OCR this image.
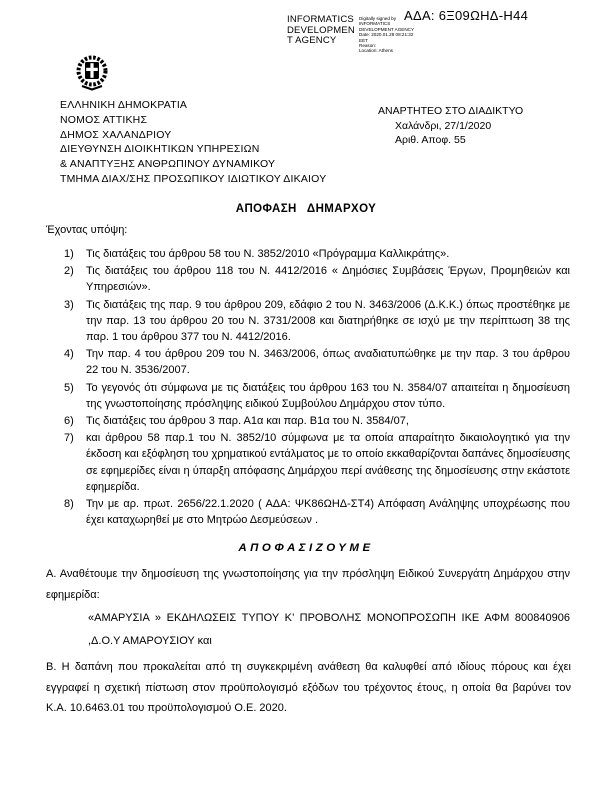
ΑΔΑ: 6Ξ09ΩΗΔ-Η44
INFORMATICS
DEVELOPMEN
T AGENCY
Digitally signed by
INFORMATICS
DEVELOPMENT AGENCY
Date: 2020.01.28 08:21:32
EET
Reason:
Location: Athens
ΕΛΛΗΝΙΚΗ ΔΗΜΟΚΡΑΤΙΑ
ΝΟΜΟΣ ΑΤΤΙΚΗΣ
ΔΗΜΟΣ ΧΑΛΑΝΔΡΙΟΥ
ΔΙΕΥΘΥΝΣΗ ΔΙΟΙΚΗΤΙΚΩΝ ΥΠΗΡΕΣΙΩΝ
& ΑΝΑΠΤΥΞΗΣ ΑΝΘΡΩΠΙΝΟΥ ΔΥΝΑΜΙΚΟΥ
ΤΜΗΜΑ ΔΙΑΧ/ΣΗΣ ΠΡΟΣΩΠΙΚΟΥ ΙΔΙΩΤΙΚΟΥ ΔΙΚΑΙΟΥ
ΑΝΑΡΤΗΤΕΟ ΣΤΟ ΔΙΑΔΙΚΤΥΟ
Χαλάνδρι, 27/1/2020
Αριθ. Αποφ. 55
ΑΠΟΦΑΣΗ ΔΗΜΑΡΧΟΥ
Έχοντας υπόψη:
1) Τις διατάξεις του άρθρου 58 του Ν. 3852/2010 «Πρόγραμμα Καλλικράτης».
2) Τις διατάξεις του άρθρου 118 του Ν. 4412/2016 « Δημόσιες Συμβάσεις Έργων, Προμηθειών και Υπηρεσιών».
3) Τις διατάξεις της παρ. 9 του άρθρου 209, εδάφιο 2 του Ν. 3463/2006 (Δ.Κ.Κ.) όπως προστέθηκε με την παρ. 13 του άρθρου 20 του Ν. 3731/2008 και διατηρήθηκε σε ισχύ με την περίπτωση 38 της παρ. 1 του άρθρου 377 του Ν. 4412/2016.
4) Την παρ. 4 του άρθρου 209 του Ν. 3463/2006, όπως αναδιατυπώθηκε με την παρ. 3 του άρθρου 22 του Ν. 3536/2007.
5) Το γεγονός ότι σύμφωνα με τις διατάξεις του άρθρου 163 του Ν. 3584/07 απαιτείται η δημοσίευση της γνωστοποίησης πρόσληψης ειδικού Συμβούλου Δημάρχου στον τύπο.
6) Τις διατάξεις του άρθρου 3 παρ. Α1α και παρ. Β1α του Ν. 3584/07,
7) και άρθρου 58 παρ.1 του Ν. 3852/10 σύμφωνα με τα οποία απαραίτητο δικαιολογητικό για την έκδοση και εξόφληση του χρηματικού εντάλματος με το οποίο εκκαθαρίζονται δαπάνες δημοσίευσης σε εφημερίδες είναι η ύπαρξη απόφασης Δημάρχου περί ανάθεσης της δημοσίευσης στην εκάστοτε εφημερίδα.
8) Την με αρ. πρωτ. 2656/22.1.2020 ( ΑΔΑ: ΨΚ86ΩΗΔ-ΣΤ4) Απόφαση Ανάληψης υποχρέωσης που έχει καταχωρηθεί με στο Μητρώο Δεσμεύσεων .
ΑΠΟΦΑΣΙΖΟΥΜΕ
Α. Αναθέτουμε την δημοσίευση της γνωστοποίησης για την πρόσληψη Ειδικού Συνεργάτη Δημάρχου στην εφημερίδα:
«ΑΜΑΡΥΣΙΑ » ΕΚΔΗΛΩΣΕΙΣ ΤΥΠΟΥ Κ’ ΠΡΟΒΟΛΗΣ ΜΟΝΟΠΡΟΣΩΠΗ ΙΚΕ ΑΦΜ 800840906 ,Δ.Ο.Υ ΑΜΑΡΟΥΣΙΟΥ και
Β. Η δαπάνη που προκαλείται από τη συγκεκριμένη ανάθεση θα καλυφθεί από ιδίους πόρους και έχει εγγραφεί η σχετική πίστωση στον προϋπολογισμό εξόδων του τρέχοντος έτους, η οποία θα βαρύνει τον Κ.Α. 10.6463.01 του προϋπολογισμού Ο.Ε. 2020.
